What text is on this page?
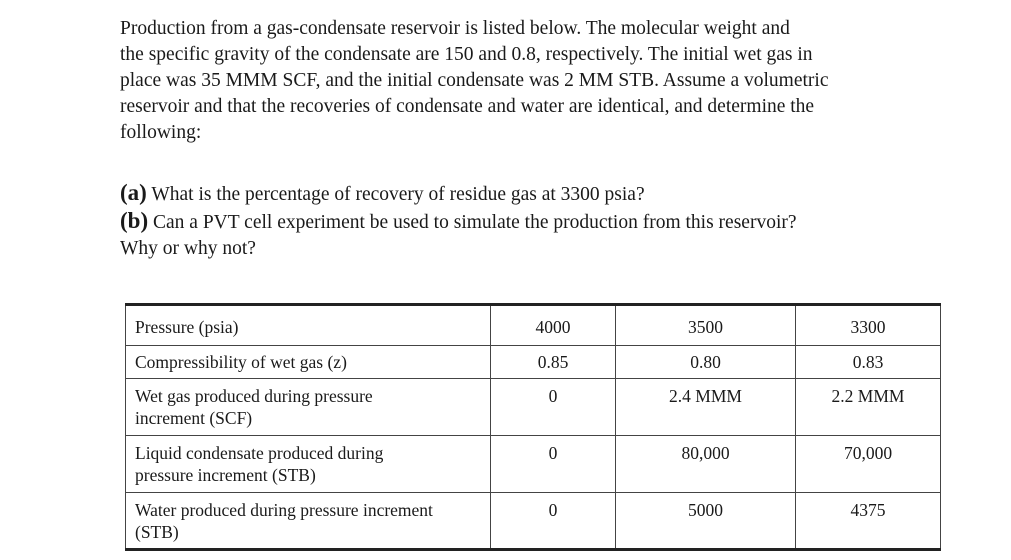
Production from a gas-condensate reservoir is listed below. The molecular weight and
the specific gravity of the condensate are 150 and 0.8, respectively. The initial wet gas in
place was 35 MMM SCF, and the initial condensate was 2 MM STB. Assume a volumetric
reservoir and that the recoveries of condensate and water are identical, and determine the
following:
(a) What is the percentage of recovery of residue gas at 3300 psia?
(b) Can a PVT cell experiment be used to simulate the production from this reservoir?
Why or why not?
Pressure (psia)	4000	3500	3300
Compressibility of wet gas (z)	0.85	0.80	0.83

Wet gas produced during pressure
increment (SCF)	0	2.4 MMM	2.2 MMM

Liquid condensate produced during
pressure increment (STB)	0	80,000	70,000

Water produced during pressure increment
(STB)	0	5000	4375
